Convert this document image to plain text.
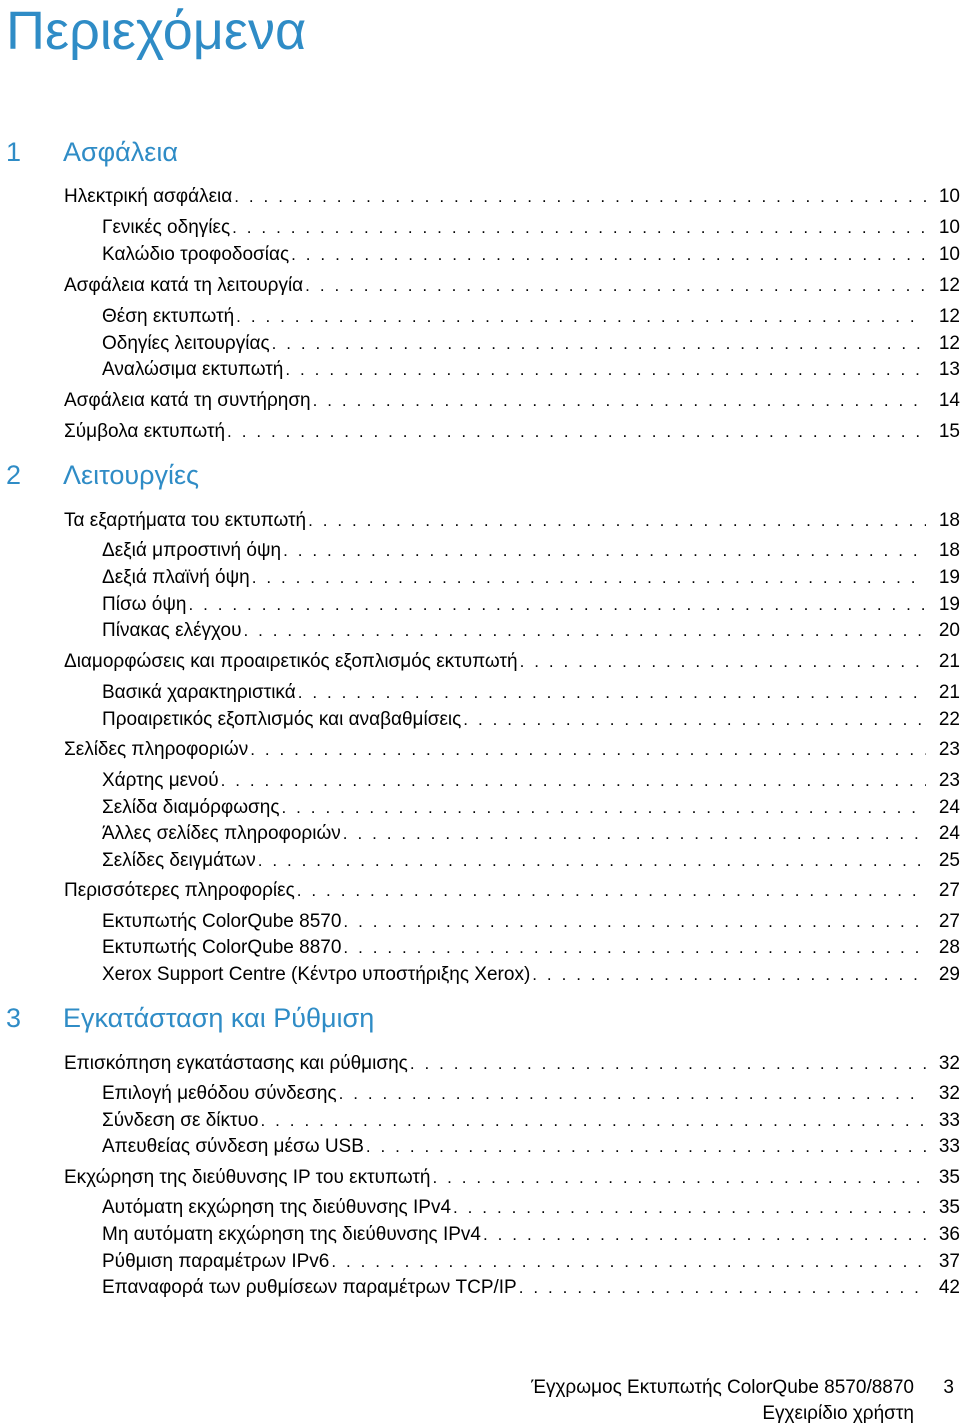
Περιεχόμενα
1 Ασφάλεια
Ηλεκτρική ασφάλεια . . .	10
Γενικές οδηγίες . . .	10
Καλώδιο τροφοδοσίας . . .	10
Ασφάλεια κατά τη λειτουργία . . .	12
Θέση εκτυπωτή . . .	12
Οδηγίες λειτουργίας . . .	12
Αναλώσιμα εκτυπωτή . . .	13
Ασφάλεια κατά τη συντήρηση . . .	14
Σύμβολα εκτυπωτή . . .	15
2 Λειτουργίες
Τα εξαρτήματα του εκτυπωτή . . .	18
Δεξιά μπροστινή όψη . . .	18
Δεξιά πλαϊνή όψη . . .	19
Πίσω όψη . . .	19
Πίνακας ελέγχου . . .	20
Διαμορφώσεις και προαιρετικός εξοπλισμός εκτυπωτή . . .	21
Βασικά χαρακτηριστικά . . .	21
Προαιρετικός εξοπλισμός και αναβαθμίσεις . . .	22
Σελίδες πληροφοριών . . .	23
Χάρτης μενού . . .	23
Σελίδα διαμόρφωσης . . .	24
Άλλες σελίδες πληροφοριών . . .	24
Σελίδες δειγμάτων . . .	25
Περισσότερες πληροφορίες . . .	27
Εκτυπωτής ColorQube 8570 . . .	27
Εκτυπωτής ColorQube 8870 . . .	28
Xerox Support Centre (Κέντρο υποστήριξης Xerox) . . .	29
3 Εγκατάσταση και Ρύθμιση
Επισκόπηση εγκατάστασης και ρύθμισης . . .	32
Επιλογή μεθόδου σύνδεσης . . .	32
Σύνδεση σε δίκτυο . . .	33
Απευθείας σύνδεση μέσω USB . . .	33
Εκχώρηση της διεύθυνσης IP του εκτυπωτή . . .	35
Αυτόματη εκχώρηση της διεύθυνσης IPv4 . . .	35
Μη αυτόματη εκχώρηση της διεύθυνσης IPv4 . . .	36
Ρύθμιση παραμέτρων IPv6 . . .	37
Επαναφορά των ρυθμίσεων παραμέτρων TCP/IP . . .	42
Έγχρωμος Εκτυπωτής ColorQube 8570/8870 3
Εγχειρίδιο χρήστη
